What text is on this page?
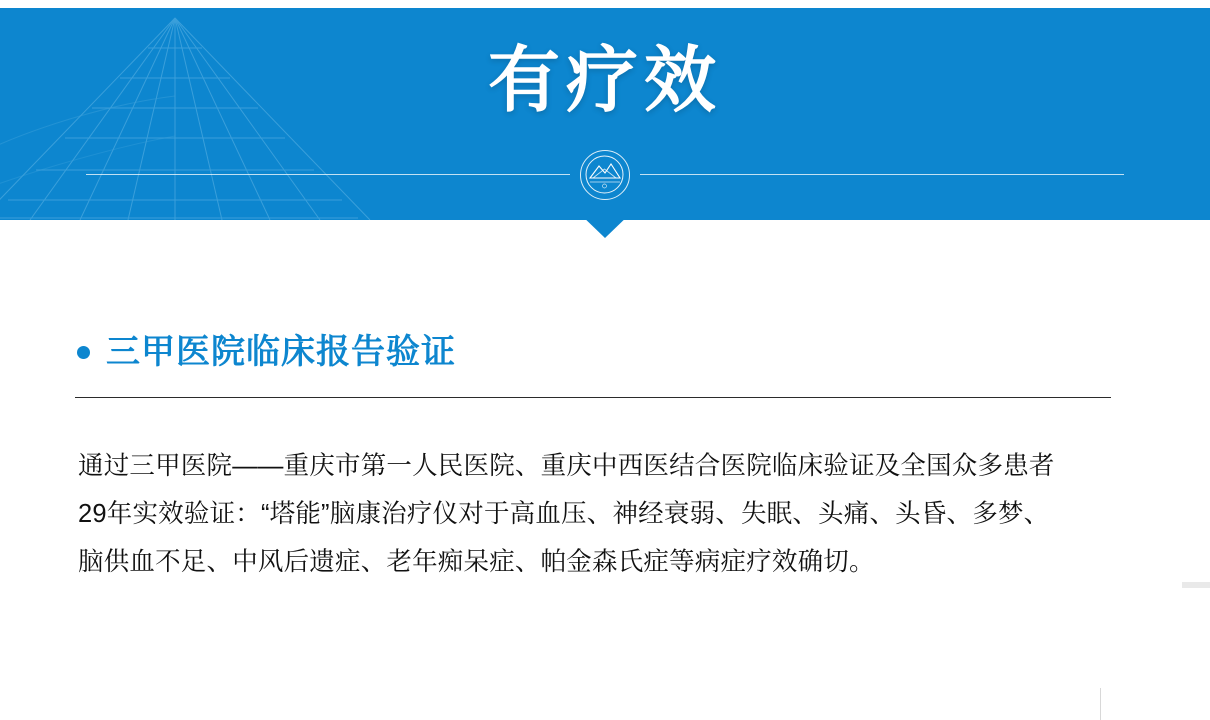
有疗效
三甲医院临床报告验证

通过三甲医院——重庆市第一人民医院、重庆中西医结合医院临床验证及全国众多患者

29年实效验证：“塔能”脑康治疗仪对于高血压、神经衰弱、失眠、头痛、头昏、多梦、

脑供血不足、中风后遗症、老年痴呆症、帕金森氏症等病症疗效确切。
